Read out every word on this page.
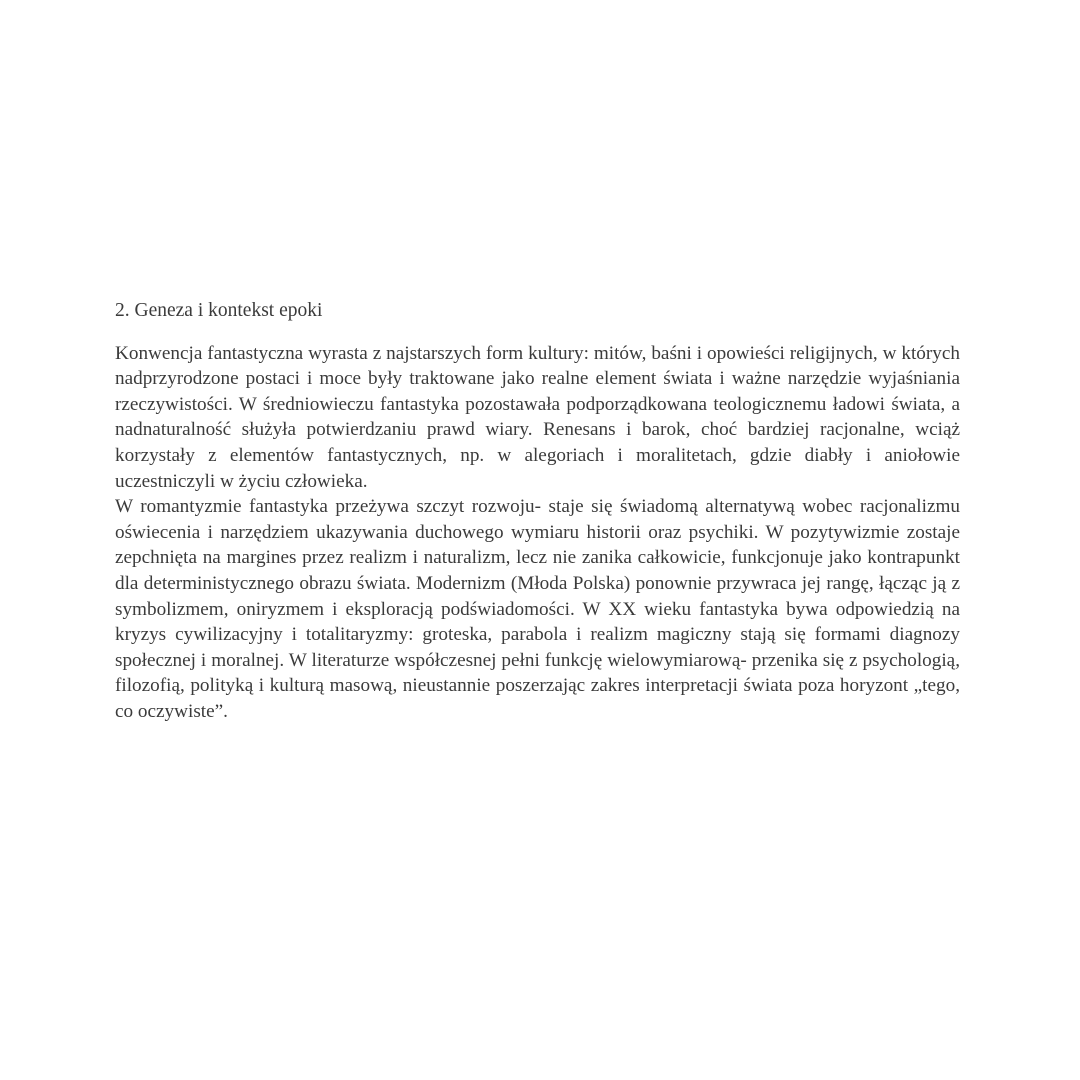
2. Geneza i kontekst epoki

Konwencja fantastyczna wyrasta z najstarszych form kultury: mitów, baśni i opowieści religijnych, w których nadprzyrodzone postaci i moce były traktowane jako realne element świata i ważne narzędzie wyjaśniania rzeczywistości. W średniowieczu fantastyka pozostawała podporządkowana teologicznemu ładowi świata, a nadnaturalność służyła potwierdzaniu prawd wiary. Renesans i barok, choć bardziej racjonalne, wciąż korzystały z elementów fantastycznych, np. w alegoriach i moralitetach, gdzie diabły i aniołowie uczestniczyli w życiu człowieka.

W romantyzmie fantastyka przeżywa szczyt rozwoju- staje się świadomą alternatywą wobec racjonalizmu oświecenia i narzędziem ukazywania duchowego wymiaru historii oraz psychiki. W pozytywizmie zostaje zepchnięta na margines przez realizm i naturalizm, lecz nie zanika całkowicie, funkcjonuje jako kontrapunkt dla deterministycznego obrazu świata. Modernizm (Młoda Polska) ponownie przywraca jej rangę, łącząc ją z symbolizmem, oniryzmem i eksploracją podświadomości. W XX wieku fantastyka bywa odpowiedzią na kryzys cywilizacyjny i totalitaryzmy: groteska, parabola i realizm magiczny stają się formami diagnozy społecznej i moralnej. W literaturze współczesnej pełni funkcję wielowymiarową- przenika się z psychologią, filozofią, polityką i kulturą masową, nieustannie poszerzając zakres interpretacji świata poza horyzont „tego, co oczywiste”.
